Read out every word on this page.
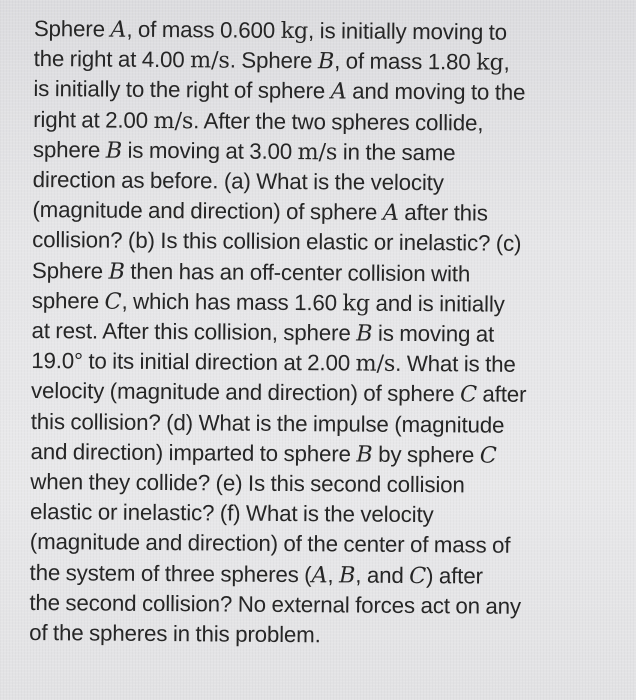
Sphere A, of mass 0.600 kg, is initially moving to
the right at 4.00 m/s. Sphere B, of mass 1.80 kg,
is initially to the right of sphere A and moving to the
right at 2.00 m/s. After the two spheres collide,
sphere B is moving at 3.00 m/s in the same
direction as before. (a) What is the velocity
(magnitude and direction) of sphere A after this
collision? (b) Is this collision elastic or inelastic? (c)
Sphere B then has an off-center collision with
sphere C, which has mass 1.60 kg and is initially
at rest. After this collision, sphere B is moving at
19.0° to its initial direction at 2.00 m/s. What is the
velocity (magnitude and direction) of sphere C after
this collision? (d) What is the impulse (magnitude
and direction) imparted to sphere B by sphere C
when they collide? (e) Is this second collision
elastic or inelastic? (f) What is the velocity
(magnitude and direction) of the center of mass of
the system of three spheres (A, B, and C) after
the second collision? No external forces act on any
of the spheres in this problem.
